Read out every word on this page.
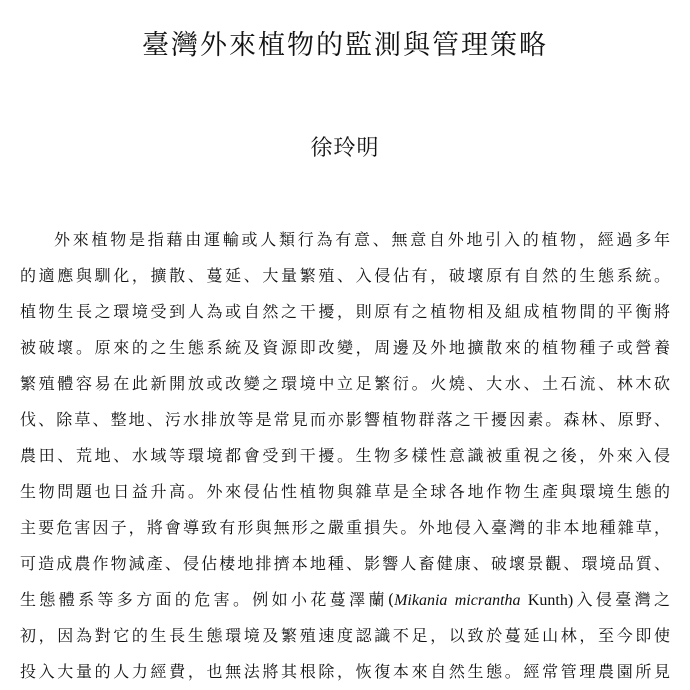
臺灣外來植物的監測與管理策略
徐玲明
外來植物是指藉由運輸或人類行為有意、無意自外地引入的植物，經過多年
的適應與馴化，擴散、蔓延、大量繁殖、入侵佔有，破壞原有自然的生態系統。
植物生長之環境受到人為或自然之干擾，則原有之植物相及組成植物間的平衡將
被破壞。原來的之生態系統及資源即改變，周邊及外地擴散來的植物種子或營養
繁殖體容易在此新開放或改變之環境中立足繁衍。火燒、大水、土石流、林木砍
伐、除草、整地、污水排放等是常見而亦影響植物群落之干擾因素。森林、原野、
農田、荒地、水域等環境都會受到干擾。生物多樣性意識被重視之後，外來入侵
生物問題也日益升高。外來侵佔性植物與雜草是全球各地作物生產與環境生態的
主要危害因子，將會導致有形與無形之嚴重損失。外地侵入臺灣的非本地種雜草，
可造成農作物減產、侵佔棲地排擠本地種、影響人畜健康、破壞景觀、環境品質、
生態體系等多方面的危害。例如小花蔓澤蘭(Mikania micrantha Kunth)入侵臺灣之
初，因為對它的生長生態環境及繁殖速度認識不足，以致於蔓延山林，至今即使
投入大量的人力經費，也無法將其根除，恢復本來自然生態。經常管理農園所見
